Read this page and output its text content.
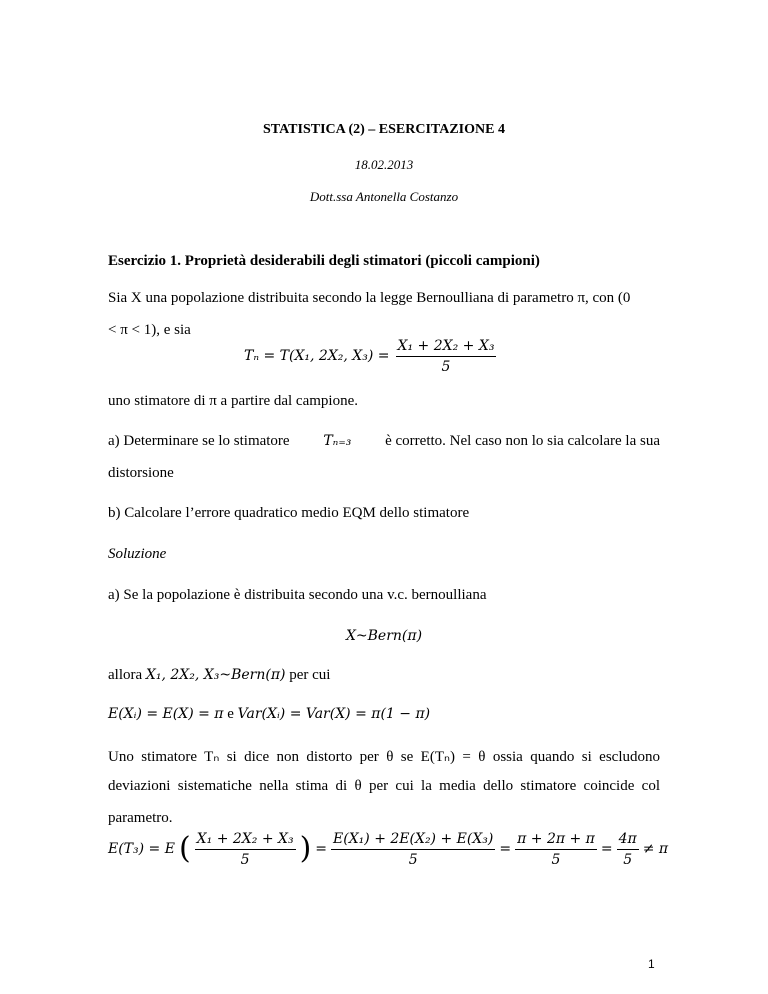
STATISTICA (2) – ESERCITAZIONE 4
18.02.2013
Dott.ssa Antonella Costanzo
Esercizio 1. Proprietà desiderabili degli stimatori (piccoli campioni)
Sia X una popolazione distribuita secondo la legge Bernoulliana di parametro π, con (0
< π < 1), e sia
Tₙ = T(X₁, 2X₂, $X_3) = \frac{\text{X₁ + 2X₂ + X₃}}{5}$
uno stimatore di π a partire dal campione.
a) Determinare se lo stimatore Tₙ₌₃ è corretto. Nel caso non lo sia calcolare la sua
distorsione
b) Calcolare l’errore quadratico medio EQM dello stimatore
Soluzione
a) Se la popolazione è distribuita secondo una v.c. bernoulliana
X~Bern(π)
allora X₁, 2X₂, X₃~Bern(π) per cui
E(Xᵢ) = E(X) = π e Var(Xᵢ) = Var(X) = π(1 − π)
Uno stimatore Tₙ si dice non distorto per θ se E(Tₙ) = θ ossia quando si escludono
deviazioni sistematiche nella stima di θ per cui la media dello stimatore coincide col
parametro.
E(T₃) = E ( $\frac{\text{X₁ + 2X₂ + X₃}}{5}$ ) = $\frac{\text{E(X₁) + 2E(X₂) + E(X₃)}}{5} = \frac{\pi + 2\pi + \pi}{5} = \frac{4\pi}{5} \ne \pi$
1
